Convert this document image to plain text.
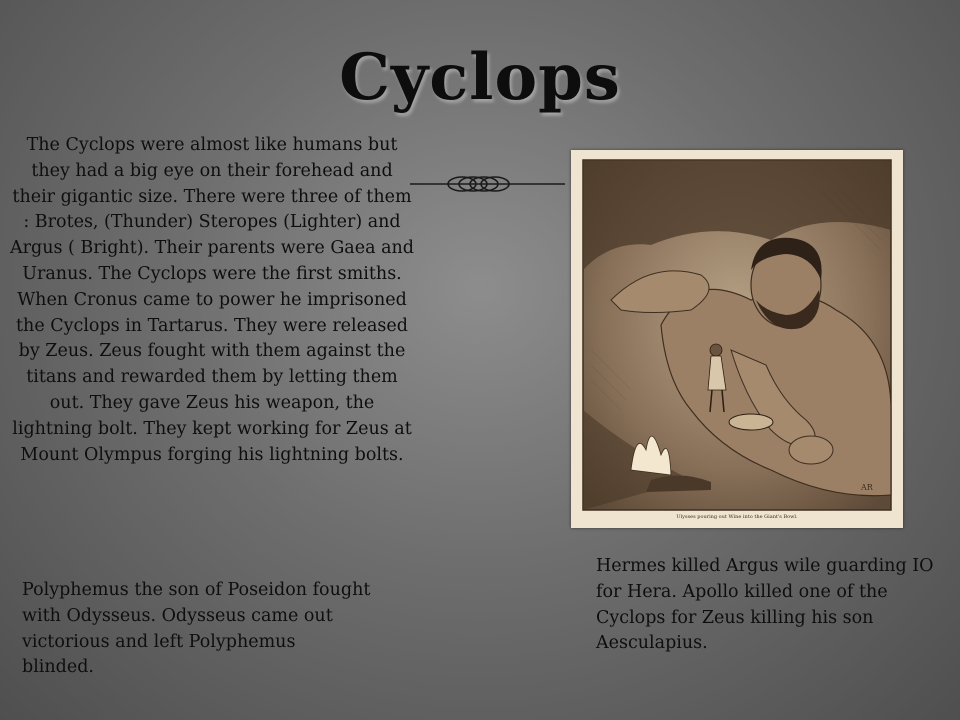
Cyclops
The Cyclops were almost like humans but they had a big eye on their forehead and their gigantic size. There were three of them : Brotes, (Thunder) Steropes (Lighter) and Argus ( Bright). Their parents were Gaea and Uranus. The Cyclops were the first smiths. When Cronus came to power he imprisoned the Cyclops in Tartarus. They were released by Zeus. Zeus fought with them against the titans and rewarded them by letting them out. They gave Zeus his weapon, the lightning bolt. They kept working for Zeus at Mount Olympus forging his lightning bolts.
Polyphemus the son of Poseidon fought with Odysseus. Odysseus came out victorious and left Polyphemus blinded.
Hermes killed Argus wile guarding IO for Hera. Apollo killed one of the Cyclops for Zeus killing his son Aesculapius.
AR
Ulysses pouring out Wine into the Giant's Bowl.
